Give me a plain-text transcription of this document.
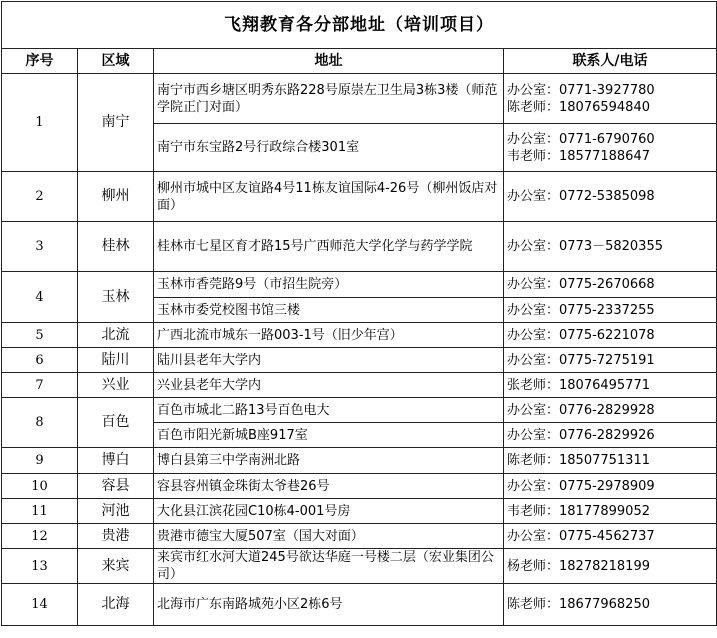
飞翔教育各分部地址（培训项目）			
序号	区域	地址	联系人/电话
1	南宁	南宁市西乡塘区明秀东路228号原崇左卫生局3栋3楼（师范学院正门对面）	办公室：0771-3927780
陈老师：18076594840

		南宁市东宝路2号行政综合楼301室	办公室：0771-6790760
韦老师：18577188647

2	柳州	柳州市城中区友谊路4号11栋友谊国际4-26号（柳州饭店对面）	办公室：0772-5385098

3	桂林	桂林市七星区育才路15号广西师范大学化学与药学学院	办公室：0773－5820355

4	玉林	玉林市香莞路9号（市招生院旁）	办公室：0775-2670668

		玉林市委党校图书馆三楼	办公室：0775-2337255

5	北流	广西北流市城东一路003-1号（旧少年宫）	办公室：0775-6221078

6	陆川	陆川县老年大学内	办公室：0775-7275191

7	兴业	兴业县老年大学内	张老师：18076495771

8	百色	百色市城北二路13号百色电大	办公室：0776-2829928

		百色市阳光新城B座917室	办公室：0776-2829926

9	博白	博白县第三中学南洲北路	陈老师：18507751311

10	容县	容县容州镇金珠街太爷巷26号	办公室：0775-2978909

11	河池	大化县江滨花园C10栋4-001号房	韦老师：18177899052

12	贵港	贵港市德宝大厦507室（国大对面）	办公室：0775-4562737

13	来宾	来宾市红水河大道245号欲达华庭一号楼二层（宏业集团公司）	杨老师：18278218199

14	北海	北海市广东南路城苑小区2栋6号	陈老师：18677968250
